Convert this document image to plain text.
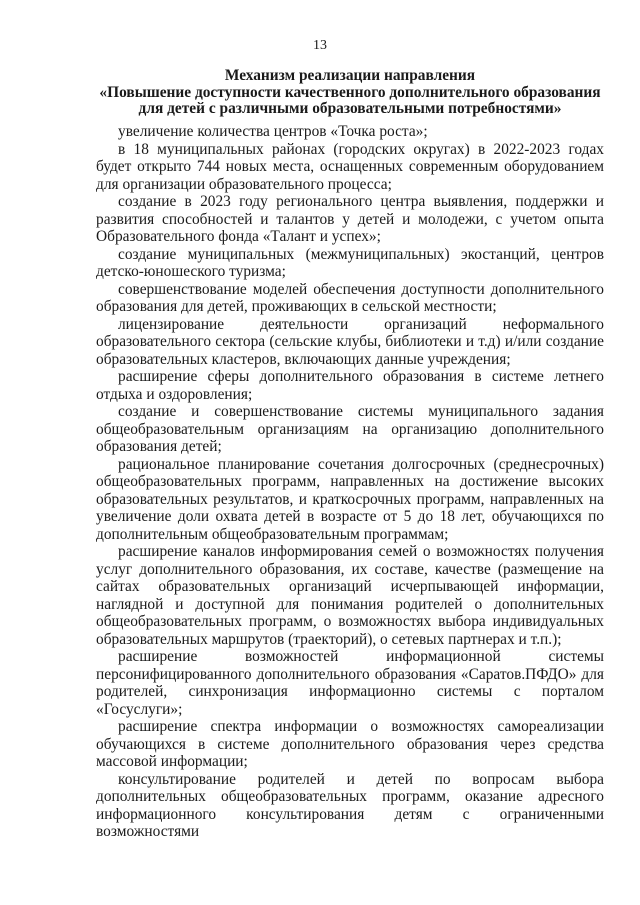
13
Механизм реализации направления
«Повышение доступности качественного дополнительного образования
для детей с различными образовательными потребностями»

увеличение количества центров «Точка роста»;

в 18 муниципальных районах (городских округах) в 2022-2023 годах будет открыто 744 новых места, оснащенных современным оборудованием для организации образовательного процесса;

создание в 2023 году регионального центра выявления, поддержки и развития способностей и талантов у детей и молодежи, с учетом опыта Образовательного фонда «Талант и успех»;

создание муниципальных (межмуниципальных) экостанций, центров детско-юношеского туризма;

совершенствование моделей обеспечения доступности дополнительного образования для детей, проживающих в сельской местности;

лицензирование деятельности организаций неформального образовательного сектора (сельские клубы, библиотеки и т.д) и/или создание образовательных кластеров, включающих данные учреждения;

расширение сферы дополнительного образования в системе летнего отдыха и оздоровления;

создание и совершенствование системы муниципального задания общеобразовательным организациям на организацию дополнительного образования детей;

рациональное планирование сочетания долгосрочных (среднесрочных) общеобразовательных программ, направленных на достижение высоких образовательных результатов, и краткосрочных программ, направленных на увеличение доли охвата детей в возрасте от 5 до 18 лет, обучающихся по дополнительным общеобразовательным программам;

расширение каналов информирования семей о возможностях получения услуг дополнительного образования, их составе, качестве (размещение на сайтах образовательных организаций исчерпывающей информации, наглядной и доступной для понимания родителей о дополнительных общеобразовательных программ, о возможностях выбора индивидуальных образовательных маршрутов (траекторий), о сетевых партнерах и т.п.);

расширение возможностей информационной системы персонифицированного дополнительного образования «Саратов.ПФДО» для родителей, синхронизация информационно системы с порталом «Госуслуги»;

расширение спектра информации о возможностях самореализации обучающихся в системе дополнительного образования через средства массовой информации;

консультирование родителей и детей по вопросам выбора дополнительных общеобразовательных программ, оказание адресного информационного консультирования детям с ограниченными возможностями
